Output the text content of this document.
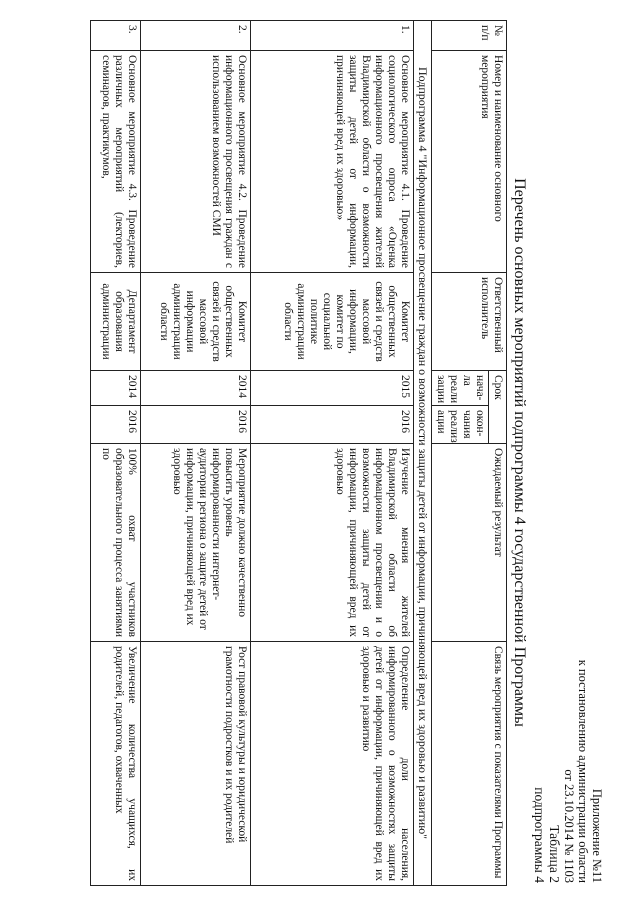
Приложение №11
к постановлению администрации области
от 23.10.2014 № 1103
Таблица 2
подпрограммы 4
Перечень основных мероприятий подпрограммы 4 государственной Программы
№ п/п	Номер и наименование основного мероприятия	Ответственный исполнитель	Срок		Ожидаемый результат	Связь мероприятия с показателями Программы
			нача-ла реали зации	окон-чания реализ ации		
Подпрограмма 4 "Информационное просвещение граждан о возможности защиты детей от информации, причиняющей вред их здоровью и развитию"						
1.	Основное мероприятие 4.1. Проведение социологического опроса «Оценка информационного просвещения жителей Владимирской области о возможности защиты детей от информации, причиняющей вред их здоровью»	Комитет общественных связей и средств массовой информации, комитет по социальной политике администрации области	2015	2016	Изучение мнения жителей Владимирской области об информационном просвещении и о возможности защиты детей от информации, причиняющей вред их здоровью	Определение доли населения, информированного о возможностях защиты детей от информации, причиняющей вред их здоровью и развитию
2.	Основное мероприятие 4.2. Проведение информационного просвещения граждан с использованием возможностей СМИ	Комитет общественных связей и средств массовой информации администрации области	2014	2016	Мероприятие должно качественно повысить уровень информированности интернет-аудитории региона о защите детей от информации, причиняющей вред их здоровью	Рост правовой культуры и юридической грамотности подростков и их родителей
3.	Основное мероприятие 4.3. Проведение различных мероприятий (лекториев, семинаров, практикумов,	Департамент образования администрации	2014	2016	100% охват участников образовательного процесса занятиями по	Увеличение количества учащихся, их родителей, педагогов, охваченных
